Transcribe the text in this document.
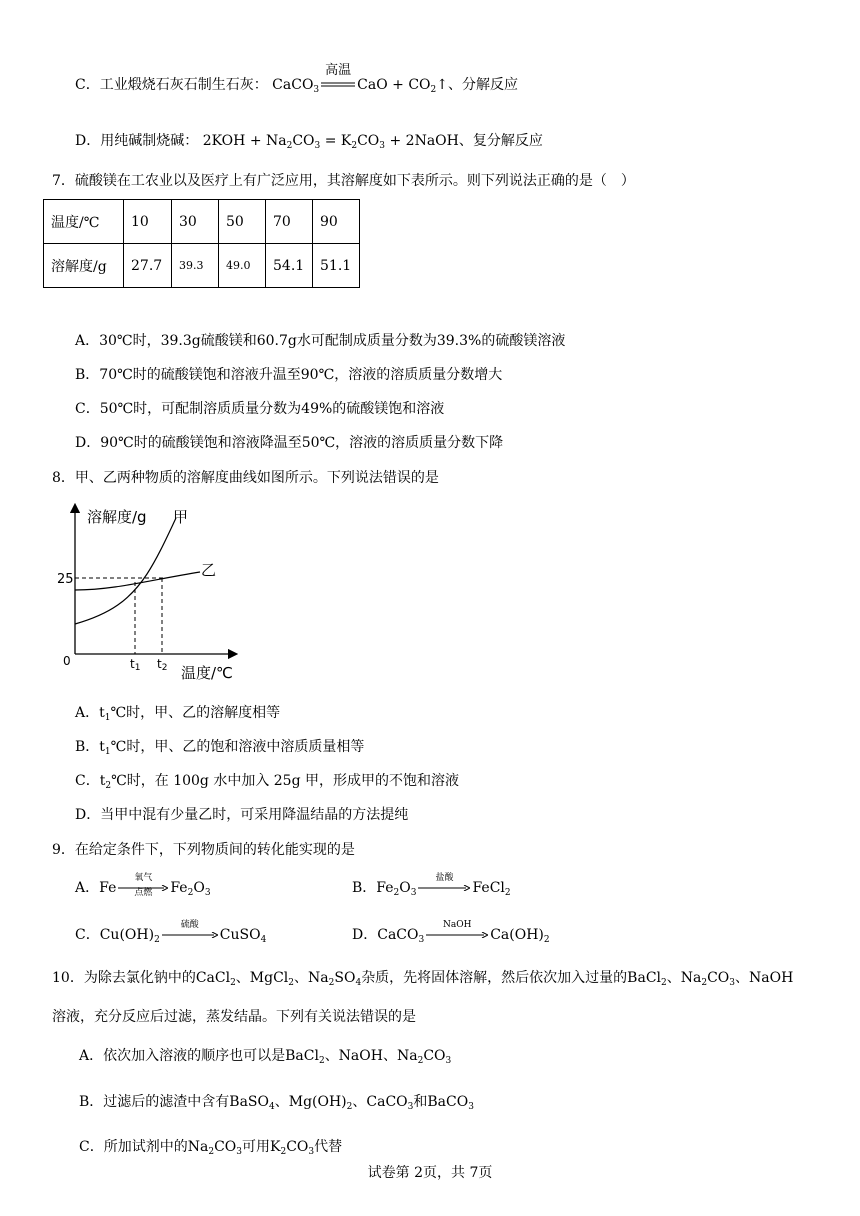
C．工业煅烧石灰石制生石灰： CaCO$_3$
高温
CaO + $CO_2↑$、分解反应
D．用纯碱制烧碱： $2KOH + Na_2CO_3 = K_2CO_3$ + 2NaOH、复分解反应
7．硫酸镁在工农业以及医疗上有广泛应用，其溶解度如下表所示。则下列说法正确的是（　）
温度/℃	10	30	50	70	90
溶解度/g	27.7	39.3	49.0	54.1	51.1
A．30℃时，39.3g硫酸镁和60.7g水可配制成质量分数为39.3%的硫酸镁溶液
B．70℃时的硫酸镁饱和溶液升温至90℃，溶液的溶质质量分数增大
C．50℃时，可配制溶质质量分数为49%的硫酸镁饱和溶液
D．90℃时的硫酸镁饱和溶液降温至50℃，溶液的溶质质量分数下降
8．甲、乙两种物质的溶解度曲线如图所示。下列说法错误的是
溶解度/g
温度/℃
0
25
甲
乙
t1 t2
A．$t_1℃$时，甲、乙的溶解度相等
B．$t_1℃$时，甲、乙的饱和溶液中溶质质量相等
C．$t_2℃$时，在 100g 水中加入 25g 甲，形成甲的不饱和溶液
D．当甲中混有少量乙时，可采用降温结晶的方法提纯
9．在给定条件下，下列物质间的转化能实现的是
A．Fe
氧气
点燃	$Fe_2O_3$	B．$Fe_2O_3$
盐酸
FeCl$_2$
C．$Cu(OH)_2$
硫酸
CuSO$_4$	D．CaCO$_3$
NaOH
$Ca(OH)_2$
10．为除去氯化钠中的CaCl$_2$、MgCl$_2$、$Na_2SO_4$杂质，先将固体溶解，然后依次加入过量的BaCl$_2$、$Na_2CO_3$、NaOH
溶液，充分反应后过滤，蒸发结晶。下列有关说法错误的是
A．依次加入溶液的顺序也可以是BaCl$_2$、NaOH、$Na_2CO_3$
B．过滤后的滤渣中含有BaSO$_4$、$Mg(OH)_2$、CaCO$_3$和BaCO$_3$
C．所加试剂中的$Na_2CO_3$可用$K_2CO_3$代替
试卷第 2页，共 7页
